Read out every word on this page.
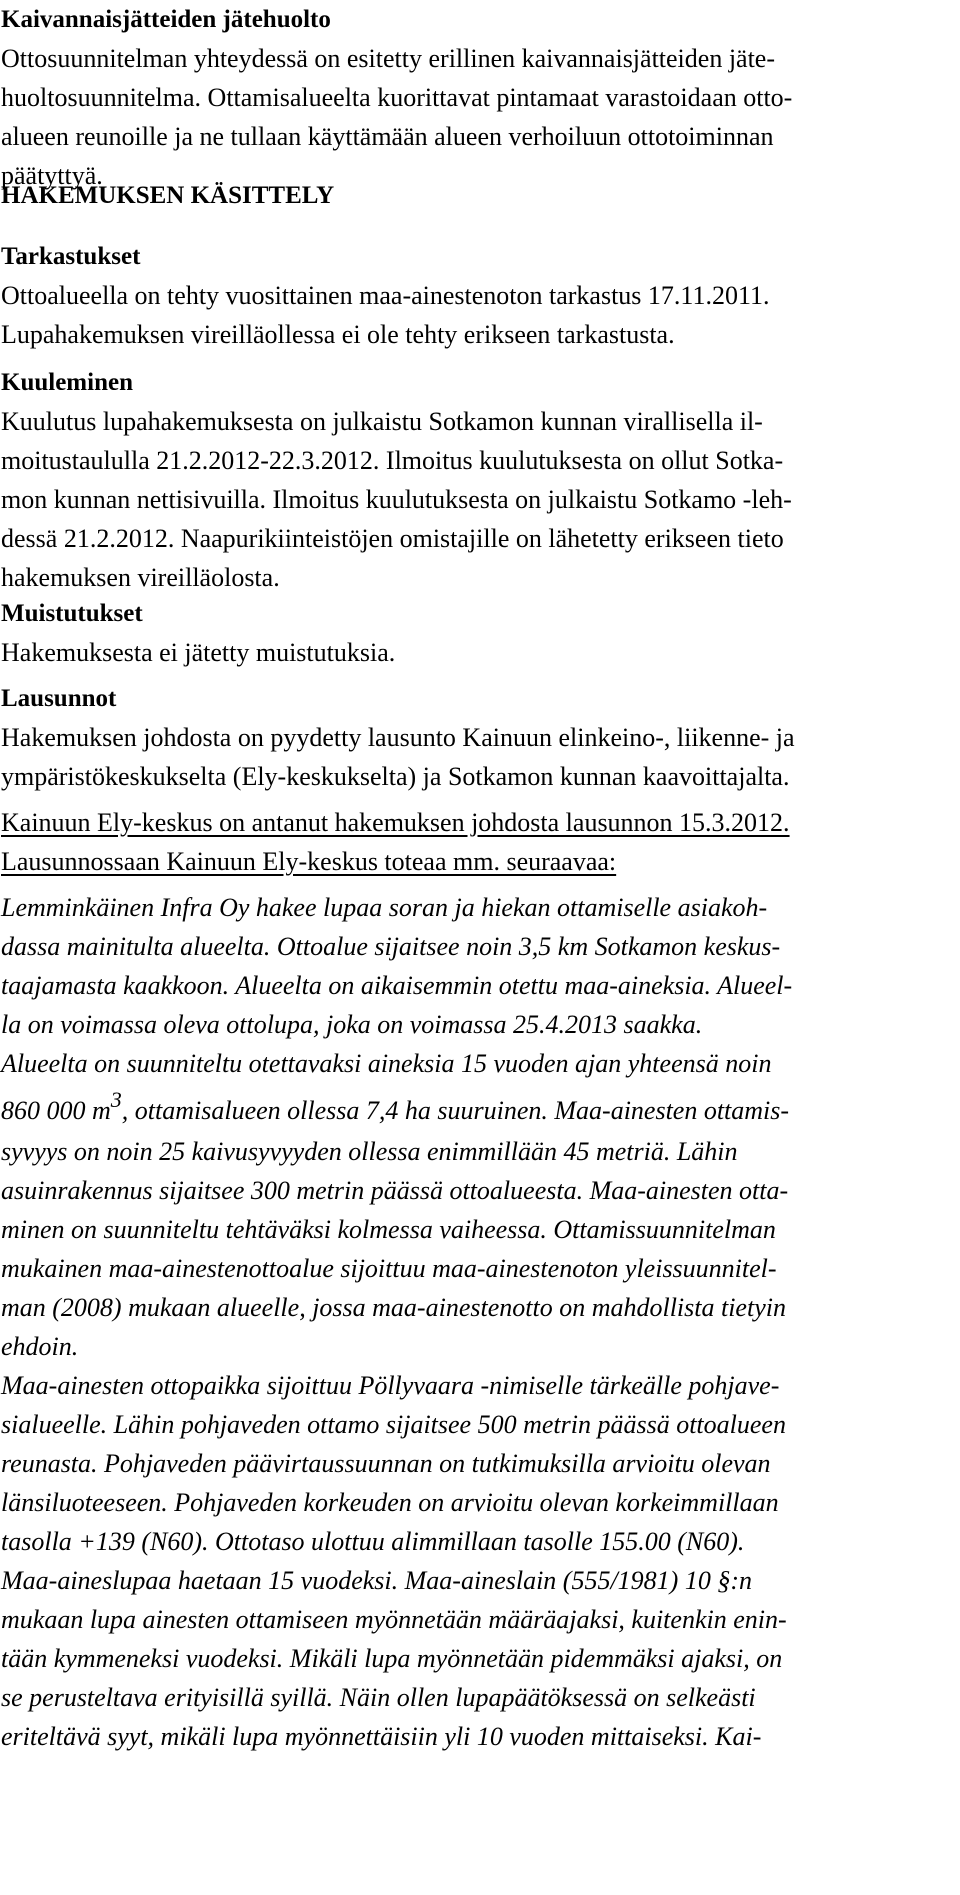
Kaivannaisjätteiden jätehuolto
Ottosuunnitelman yhteydessä on esitetty erillinen kaivannaisjätteiden jäte-
huoltosuunnitelma. Ottamisalueelta kuorittavat pintamaat varastoidaan otto-
alueen reunoille ja ne tullaan käyttämään alueen verhoiluun ottotoiminnan
päätyttyä.
HAKEMUKSEN KÄSITTELY
Tarkastukset
Ottoalueella on tehty vuosittainen maa-ainestenoton tarkastus 17.11.2011.
Lupahakemuksen vireilläollessa ei ole tehty erikseen tarkastusta.
Kuuleminen
Kuulutus lupahakemuksesta on julkaistu Sotkamon kunnan virallisella il-
moitustaululla 21.2.2012-22.3.2012. Ilmoitus kuulutuksesta on ollut Sotka-
mon kunnan nettisivuilla. Ilmoitus kuulutuksesta on julkaistu Sotkamo -leh-
dessä 21.2.2012. Naapurikiinteistöjen omistajille on lähetetty erikseen tieto
hakemuksen vireilläolosta.
Muistutukset
Hakemuksesta ei jätetty muistutuksia.
Lausunnot
Hakemuksen johdosta on pyydetty lausunto Kainuun elinkeino-, liikenne- ja
ympäristökeskukselta (Ely-keskukselta) ja Sotkamon kunnan kaavoittajalta.
Kainuun Ely-keskus on antanut hakemuksen johdosta lausunnon 15.3.2012.
Lausunnossaan Kainuun Ely-keskus toteaa mm. seuraavaa:
Lemminkäinen Infra Oy hakee lupaa soran ja hiekan ottamiselle asiakoh-
dassa mainitulta alueelta. Ottoalue sijaitsee noin 3,5 km Sotkamon keskus-
taajamasta kaakkoon. Alueelta on aikaisemmin otettu maa-aineksia. Alueel-
la on voimassa oleva ottolupa, joka on voimassa 25.4.2013 saakka.
Alueelta on suunniteltu otettavaksi aineksia 15 vuoden ajan yhteensä noin
860 000 $m^3$, ottamisalueen ollessa 7,4 ha suuruinen. Maa-ainesten ottamis-
syvyys on noin 25 kaivusyvyyden ollessa enimmillään 45 metriä. Lähin
asuinrakennus sijaitsee 300 metrin päässä ottoalueesta. Maa-ainesten otta-
minen on suunniteltu tehtäväksi kolmessa vaiheessa. Ottamissuunnitelman
mukainen maa-ainestenottoalue sijoittuu maa-ainestenoton yleissuunnitel-
man (2008) mukaan alueelle, jossa maa-ainestenotto on mahdollista tietyin
ehdoin.
Maa-ainesten ottopaikka sijoittuu Pöllyvaara -nimiselle tärkeälle pohjave-
sialueelle. Lähin pohjaveden ottamo sijaitsee 500 metrin päässä ottoalueen
reunasta. Pohjaveden päävirtaussuunnan on tutkimuksilla arvioitu olevan
länsiluoteeseen. Pohjaveden korkeuden on arvioitu olevan korkeimmillaan
tasolla +139 (N60). Ottotaso ulottuu alimmillaan tasolle 155.00 (N60).
Maa-aineslupaa haetaan 15 vuodeksi. Maa-aineslain (555/1981) 10 §:n
mukaan lupa ainesten ottamiseen myönnetään määräajaksi, kuitenkin enin-
tään kymmeneksi vuodeksi. Mikäli lupa myönnetään pidemmäksi ajaksi, on
se perusteltava erityisillä syillä. Näin ollen lupapäätöksessä on selkeästi
eriteltävä syyt, mikäli lupa myönnettäisiin yli 10 vuoden mittaiseksi. Kai-
